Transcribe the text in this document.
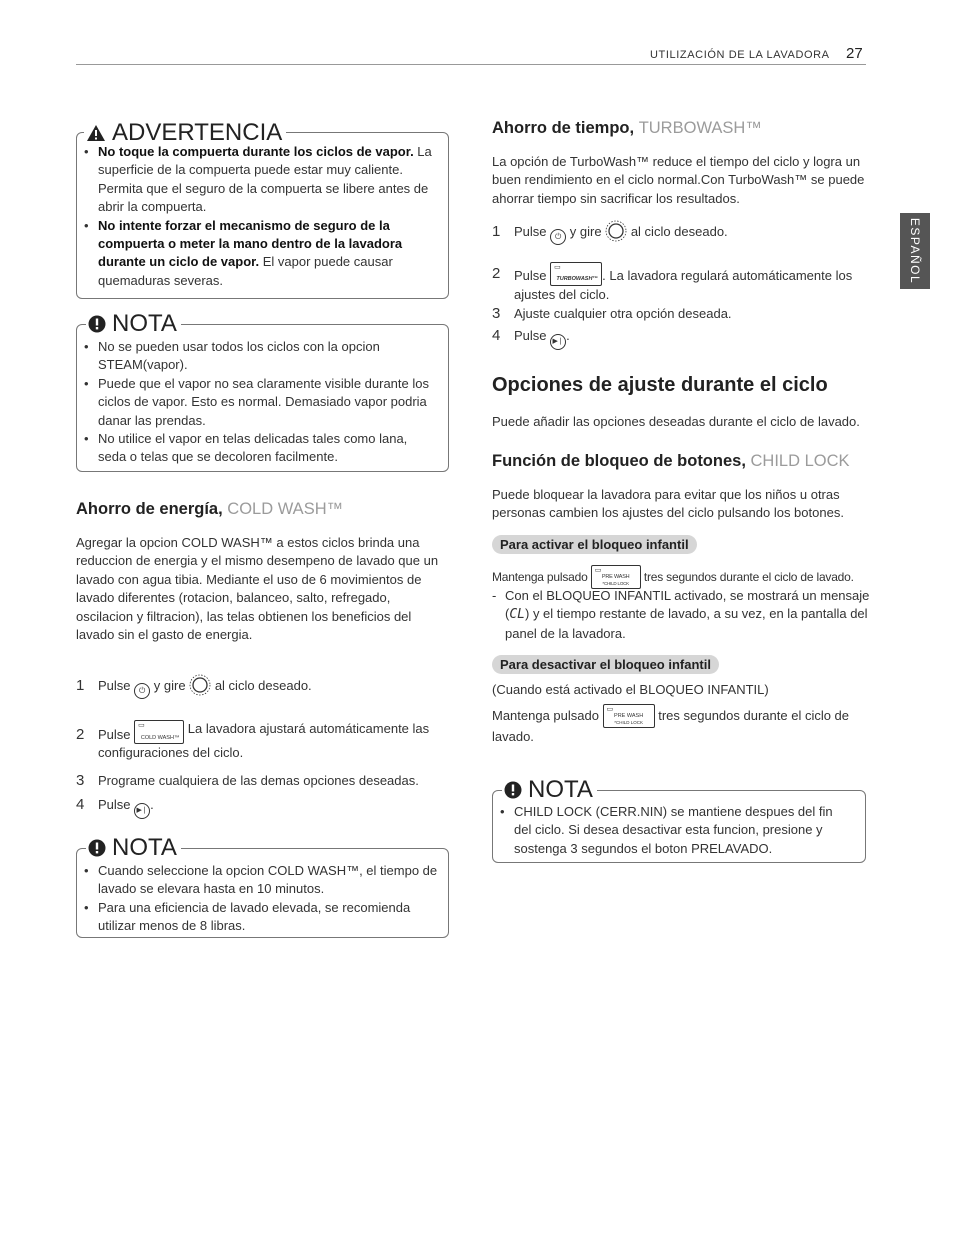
UTILIZACIÓN DE LA LAVADORA 27
ESPAÑOL
ADVERTENCIA
• No toque la compuerta durante los ciclos de vapor. La superficie de la compuerta puede estar muy caliente. Permita que el seguro de la compuerta se libere antes de abrir la compuerta.
• No intente forzar el mecanismo de seguro de la compuerta o meter la mano dentro de la lavadora durante un ciclo de vapor. El vapor puede causar quemaduras severas.
NOTA
• No se pueden usar todos los ciclos con la opcion STEAM(vapor).
• Puede que el vapor no sea claramente visible durante los ciclos de vapor. Esto es normal. Demasiado vapor podria danar las prendas.
• No utilice el vapor en telas delicadas tales como lana, seda o telas que se decoloren facilmente.
Ahorro de energía, COLD WASH™
Agregar la opcion COLD WASH™ a estos ciclos brinda una reduccion de energia y el mismo desempeno de lavado que un lavado con agua tibia. Mediante el uso de 6 movimientos de lavado diferentes (rotacion, balanceo, salto, refregado, oscilacion y filtracion), las telas obtienen los beneficios del lavado sin el gasto de energia.
1 Pulse ⏻ y gire al ciclo deseado.
2	Pulse
▭
COLD WASH™
La lavadora ajustará automáticamente las configuraciones del ciclo.
3 Programe cualquiera de las demas opciones deseadas.
4 Pulse ▶❘ .
NOTA
• Cuando seleccione la opcion COLD WASH™, el tiempo de lavado se elevara hasta en 10 minutos.
• Para una eficiencia de lavado elevada, se recomienda utilizar menos de 8 libras.
Ahorro de tiempo, TURBOWASH™
La opción de TurboWash™ reduce el tiempo del ciclo y logra un buen rendimiento en el ciclo normal.Con TurboWash™ se puede ahorrar tiempo sin sacrificar los resultados.
1 Pulse ⏻ y gire al ciclo deseado.
2	Pulse
▭
TURBOWASH™ . La lavadora regulará automáticamente los ajustes del ciclo.
3 Ajuste cualquier otra opción deseada.
4 Pulse ▶❘ .
Opciones de ajuste durante el ciclo
Puede añadir las opciones deseadas durante el ciclo de lavado.
Función de bloqueo de botones, CHILD LOCK
Puede bloquear la lavadora para evitar que los niños u otras personas cambien los ajustes del ciclo pulsando los botones.
Para activar el bloqueo infantil
Mantenga pulsado ▭
PRE WASH
*CHILD LOCK	tres segundos durante el ciclo de lavado.
- Con el BLOQUEO INFANTIL activado, se mostrará un mensaje (CL) y el tiempo restante de lavado, a su vez, en la pantalla del panel de la lavadora.
Para desactivar el bloqueo infantil
(Cuando está activado el BLOQUEO INFANTIL)
Mantenga pulsado ▭
PRE WASH
*CHILD LOCK	tres segundos durante el ciclo de lavado.
NOTA
• CHILD LOCK (CERR.NIN) se mantiene despues del fin del ciclo. Si desea desactivar esta funcion, presione y sostenga 3 segundos el boton PRELAVADO.
